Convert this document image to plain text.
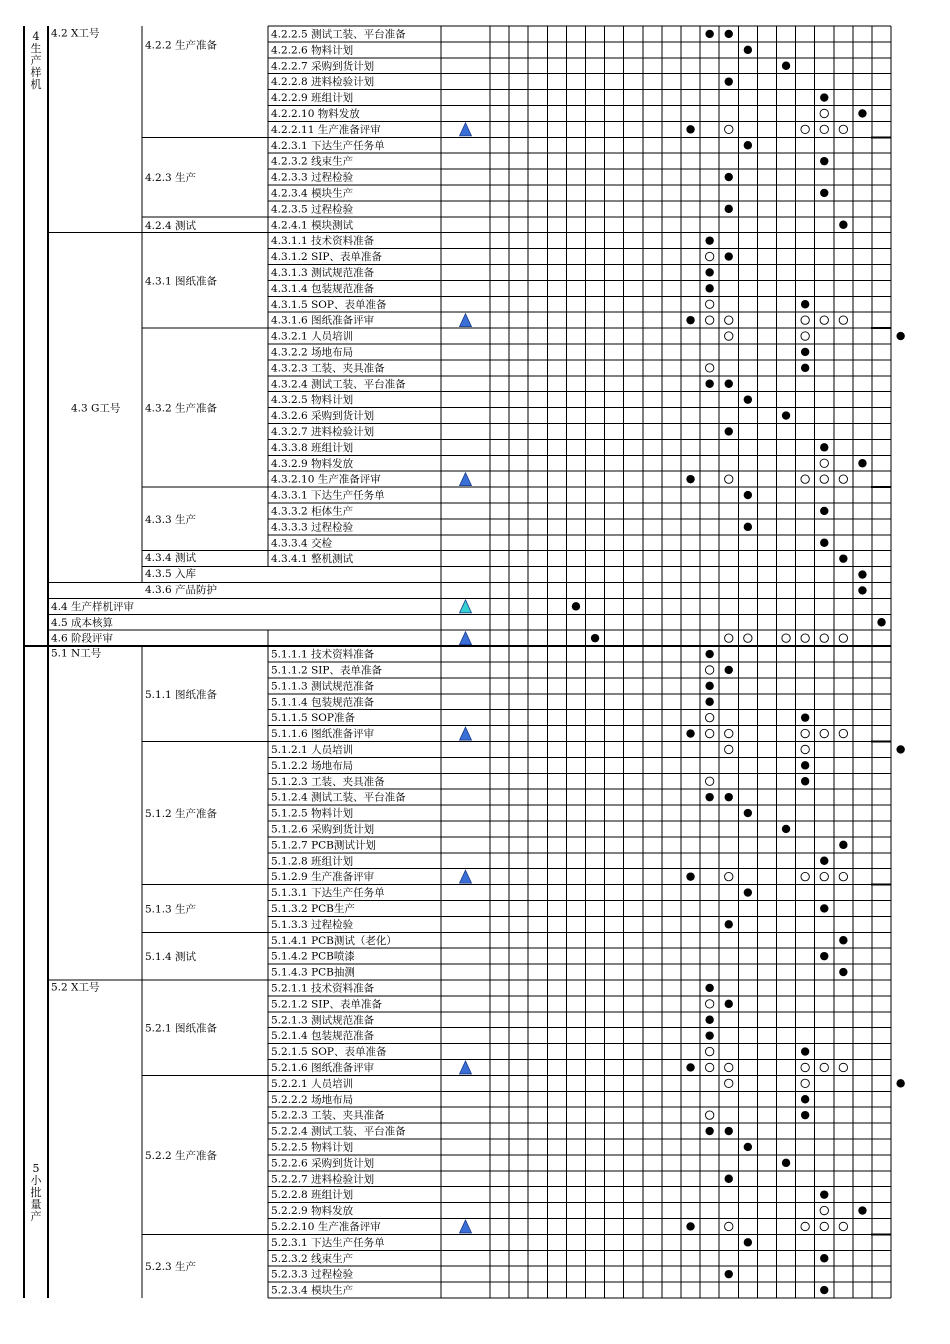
4
生
产
样
机
5
小
批
量
产
4.2 X工号
4.3 G工号
4.4 生产样机评审
4.5 成本核算
4.6 阶段评审
5.1 N工号
5.2 X工号
4.2.2 生产准备
4.2.3 生产
4.2.4 测试
4.3.1 图纸准备
4.3.2 生产准备
4.3.3 生产
4.3.4 测试
4.3.5 入库
4.3.6 产品防护
5.1.1 图纸准备
5.1.2 生产准备
5.1.3 生产
5.1.4 测试
5.2.1 图纸准备
5.2.2 生产准备
5.2.3 生产
4.2.2.5 测试工装、平台准备
4.2.2.6 物料计划
4.2.2.7 采购到货计划
4.2.2.8 进料检验计划
4.2.2.9 班组计划
4.2.2.10 物料发放
4.2.2.11 生产准备评审
4.2.3.1 下达生产任务单
4.2.3.2 线束生产
4.2.3.3 过程检验
4.2.3.4 模块生产
4.2.3.5 过程检验
4.2.4.1 模块测试
4.3.1.1 技术资料准备
4.3.1.2 SIP、表单准备
4.3.1.3 测试规范准备
4.3.1.4 包装规范准备
4.3.1.5 SOP、表单准备
4.3.1.6 图纸准备评审
4.3.2.1 人员培训
4.3.2.2 场地布局
4.3.2.3 工装、夹具准备
4.3.2.4 测试工装、平台准备
4.3.2.5 物料计划
4.3.2.6 采购到货计划
4.3.2.7 进料检验计划
4.3.3.8 班组计划
4.3.2.9 物料发放
4.3.2.10 生产准备评审
4.3.3.1 下达生产任务单
4.3.3.2 柜体生产
4.3.3.3 过程检验
4.3.3.4 交检
4.3.4.1 整机测试
5.1.1.1 技术资料准备
5.1.1.2 SIP、表单准备
5.1.1.3 测试规范准备
5.1.1.4 包装规范准备
5.1.1.5 SOP准备
5.1.1.6 图纸准备评审
5.1.2.1 人员培训
5.1.2.2 场地布局
5.1.2.3 工装、夹具准备
5.1.2.4 测试工装、平台准备
5.1.2.5 物料计划
5.1.2.6 采购到货计划
5.1.2.7 PCB测试计划
5.1.2.8 班组计划
5.1.2.9 生产准备评审
5.1.3.1 下达生产任务单
5.1.3.2 PCB生产
5.1.3.3 过程检验
5.1.4.1 PCB测试（老化）
5.1.4.2 PCB喷漆
5.1.4.3 PCB抽测
5.2.1.1 技术资料准备
5.2.1.2 SIP、表单准备
5.2.1.3 测试规范准备
5.2.1.4 包装规范准备
5.2.1.5 SOP、表单准备
5.2.1.6 图纸准备评审
5.2.2.1 人员培训
5.2.2.2 场地布局
5.2.2.3 工装、夹具准备
5.2.2.4 测试工装、平台准备
5.2.2.5 物料计划
5.2.2.6 采购到货计划
5.2.2.7 进料检验计划
5.2.2.8 班组计划
5.2.2.9 物料发放
5.2.2.10 生产准备评审
5.2.3.1 下达生产任务单
5.2.3.2 线束生产
5.2.3.3 过程检验
5.2.3.4 模块生产
